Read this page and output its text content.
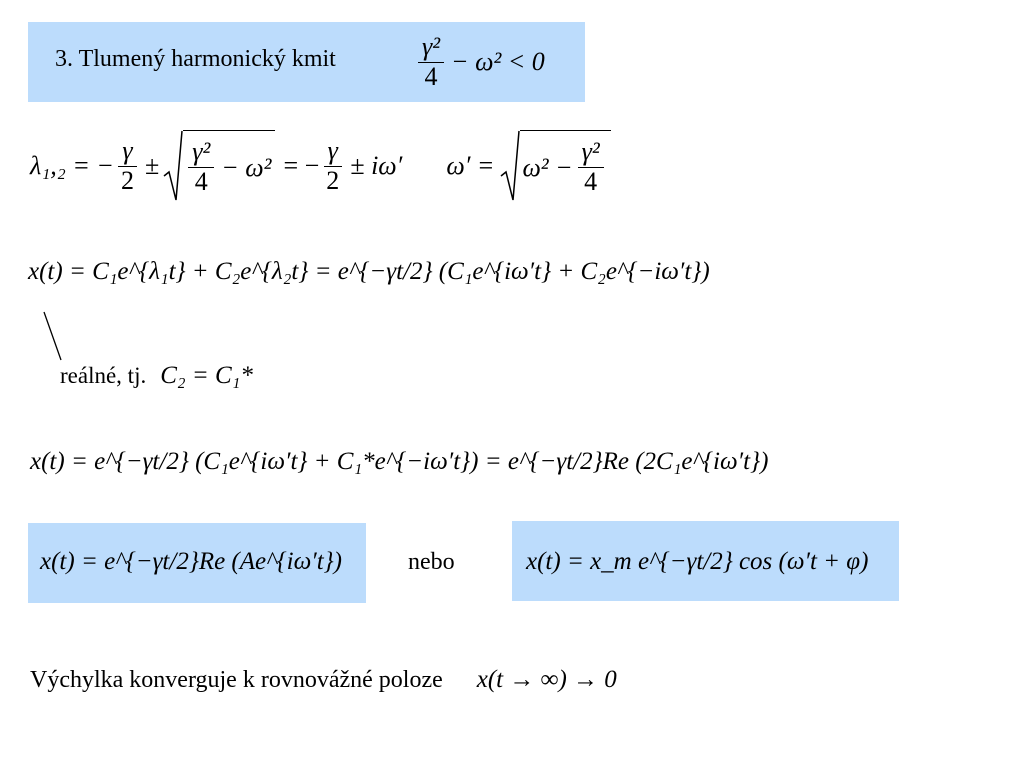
3. Tlumený harmonický kmit	$\frac{\text{γ²}}{4} - \omega^2 < 0$
λ₁,₂ = − $\frac{\gamma}{2} \pm \frac{\text{γ²}}{4} - \omega^2$ = − $\frac{\gamma}{2} \pm i\omega'$ $\omega' = \omega^2 - \frac{\text{γ²}}{4}$
x(t) = C₁e^{λ₁t} + C₂e^{λ₂t} = e^{−γt/2} (C₁e^{iω′t} + C₂e^{−iω′t})
reálné, tj. C₂ = C₁*
x(t) = e^{−γt/2} (C₁e^{iω′t} + C₁*e^{−iω′t}) = e^{−γt/2}Re (2C₁e^{iω′t})
x(t) = e^{−γt/2}Re (Ae^{iω′t})	nebo	x(t) = x_m e^{−γt/2} cos (ω′t + φ)
Výchylka konverguje k rovnovážné poloze x(t → ∞) → 0
